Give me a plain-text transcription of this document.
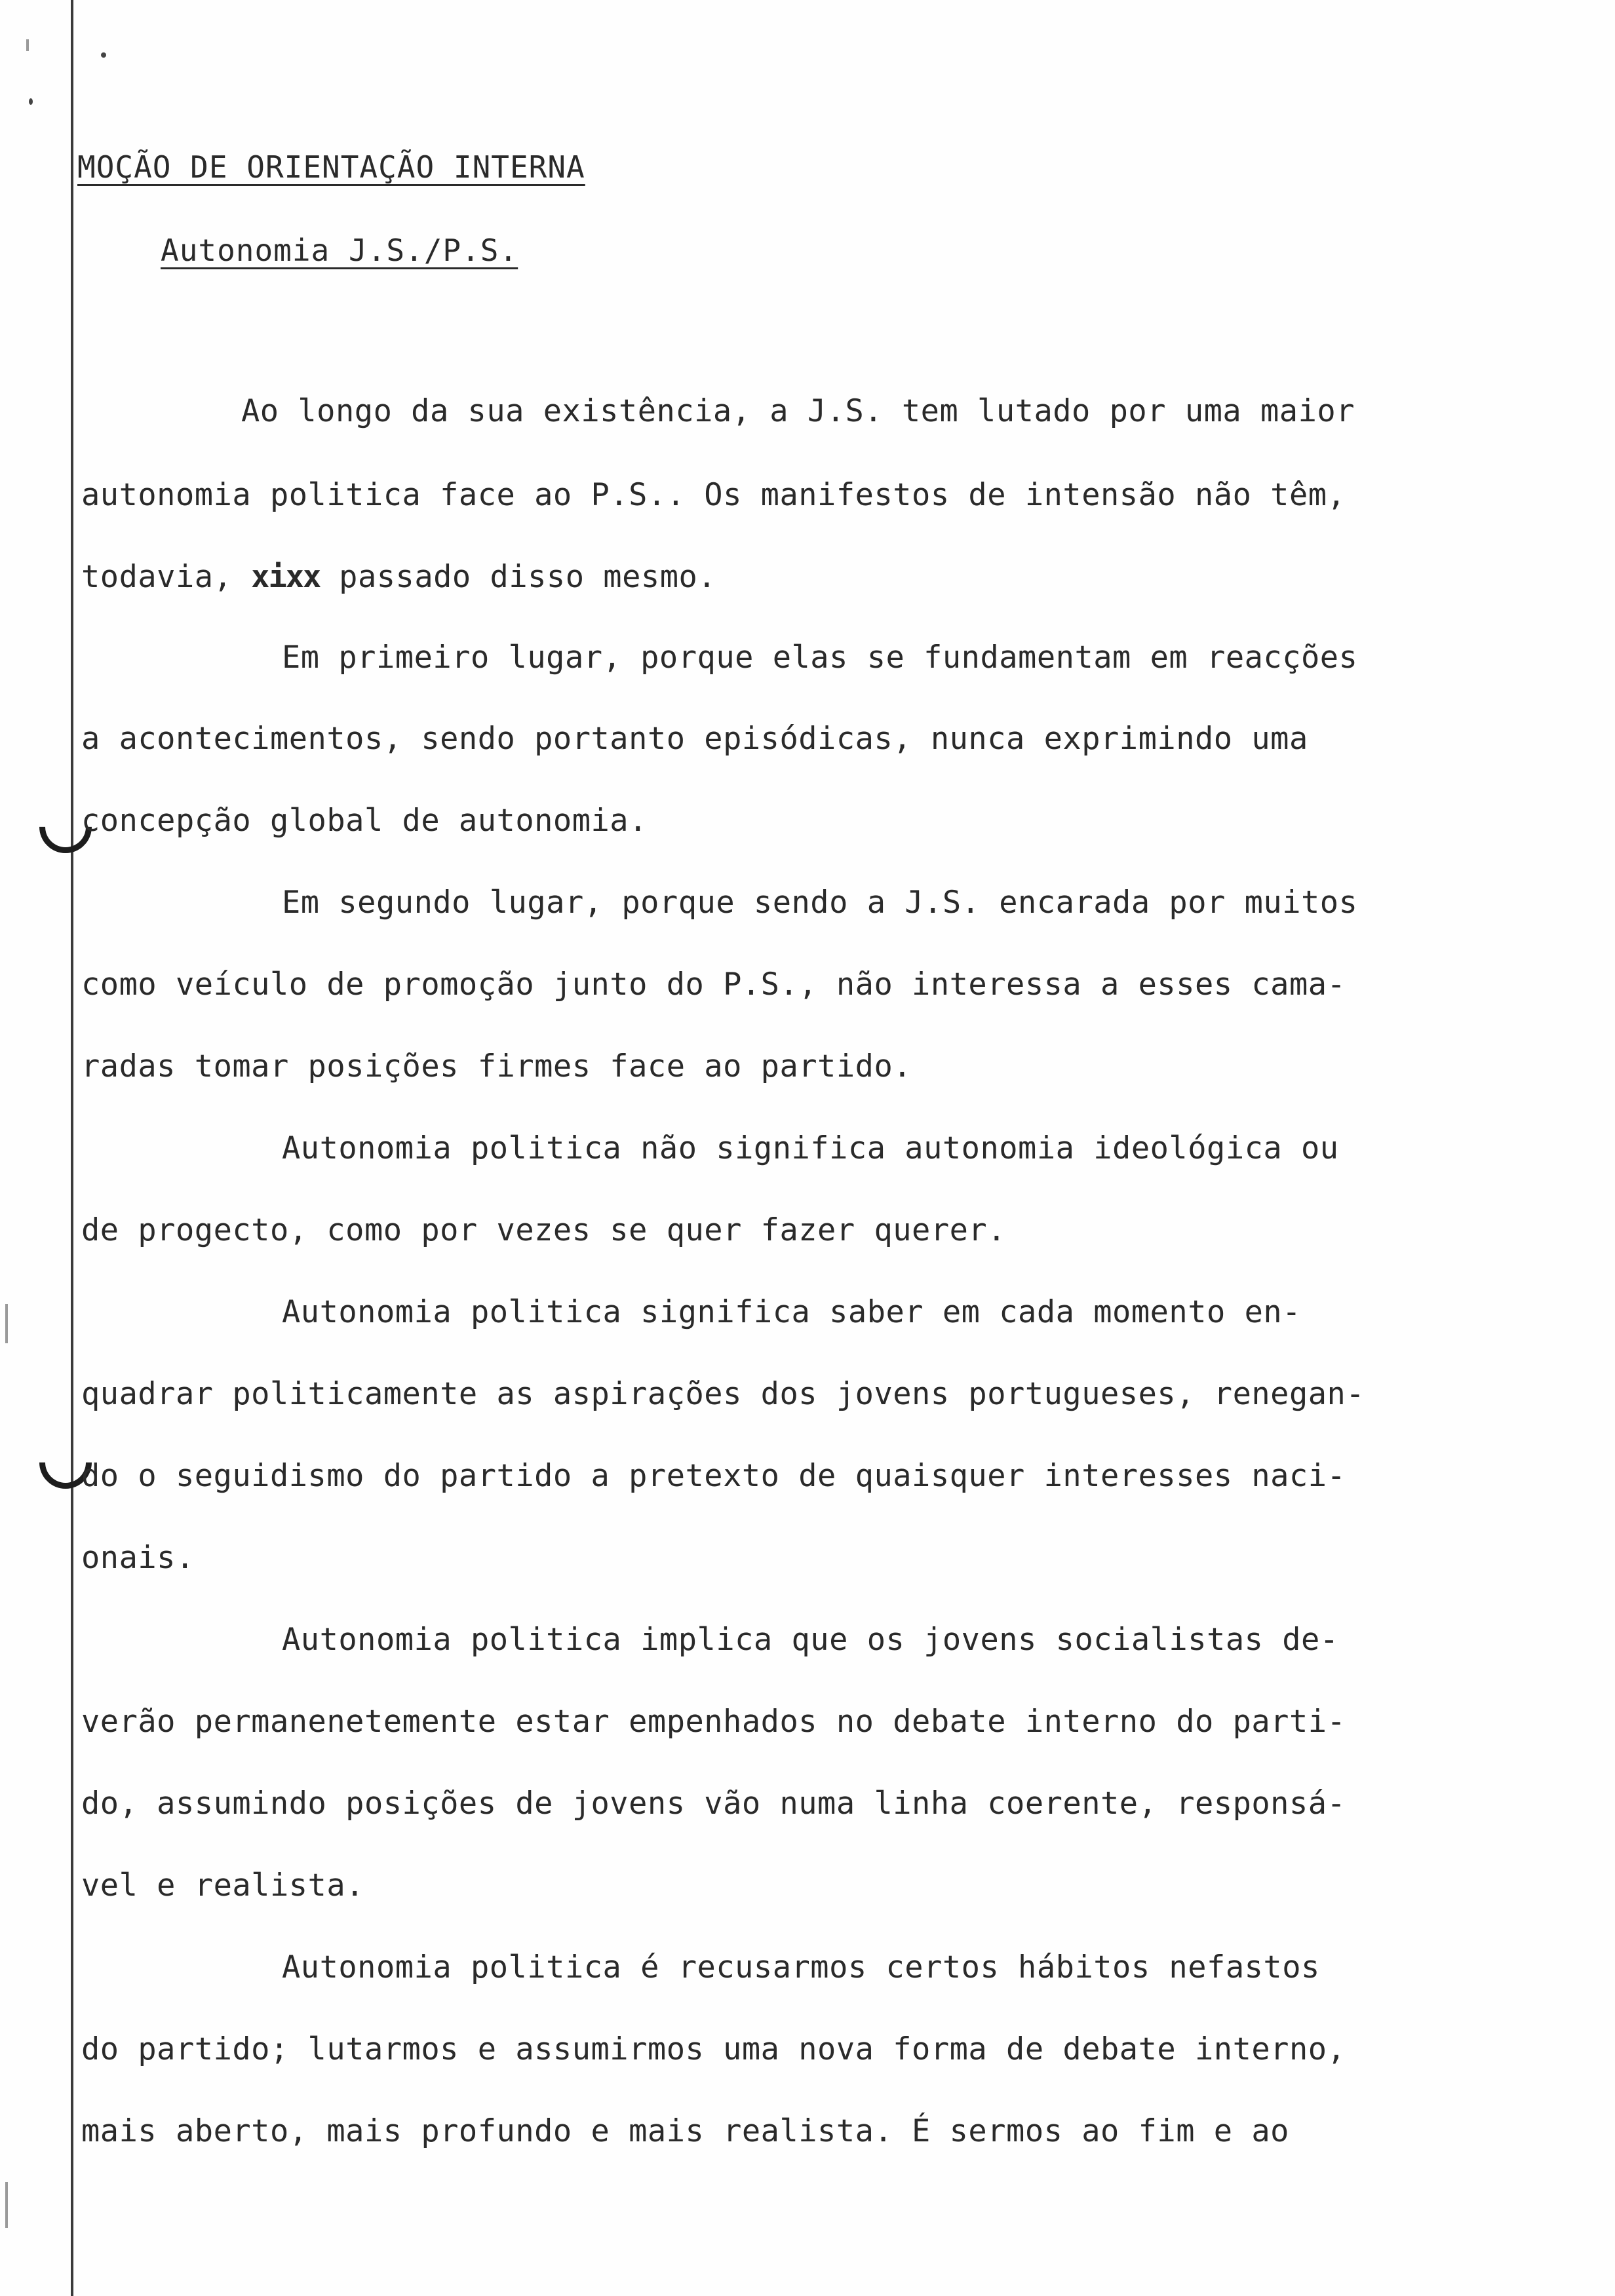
MOÇÃO DE ORIENTAÇÃO INTERNA
Autonomia J.S./P.S.
Ao longo da sua existência, a J.S. tem lutado por uma maior
autonomia politica face ao P.S.. Os manifestos de intensão não têm,
todavia, xixx passado disso mesmo.
Em primeiro lugar, porque elas se fundamentam em reacções
a acontecimentos, sendo portanto episódicas, nunca exprimindo uma
concepção global de autonomia.
Em segundo lugar, porque sendo a J.S. encarada por muitos
como veículo de promoção junto do P.S., não interessa a esses cama-
radas tomar posições firmes face ao partido.
Autonomia politica não significa autonomia ideológica ou
de progecto, como por vezes se quer fazer querer.
Autonomia politica significa saber em cada momento en-
quadrar politicamente as aspirações dos jovens portugueses, renegan-
do o seguidismo do partido a pretexto de quaisquer interesses naci-
onais.
Autonomia politica implica que os jovens socialistas de-
verão permanenetemente estar empenhados no debate interno do parti-
do, assumindo posições de jovens vão numa linha coerente, responsá-
vel e realista.
Autonomia politica é recusarmos certos hábitos nefastos
do partido; lutarmos e assumirmos uma nova forma de debate interno,
mais aberto, mais profundo e mais realista. É sermos ao fim e ao
